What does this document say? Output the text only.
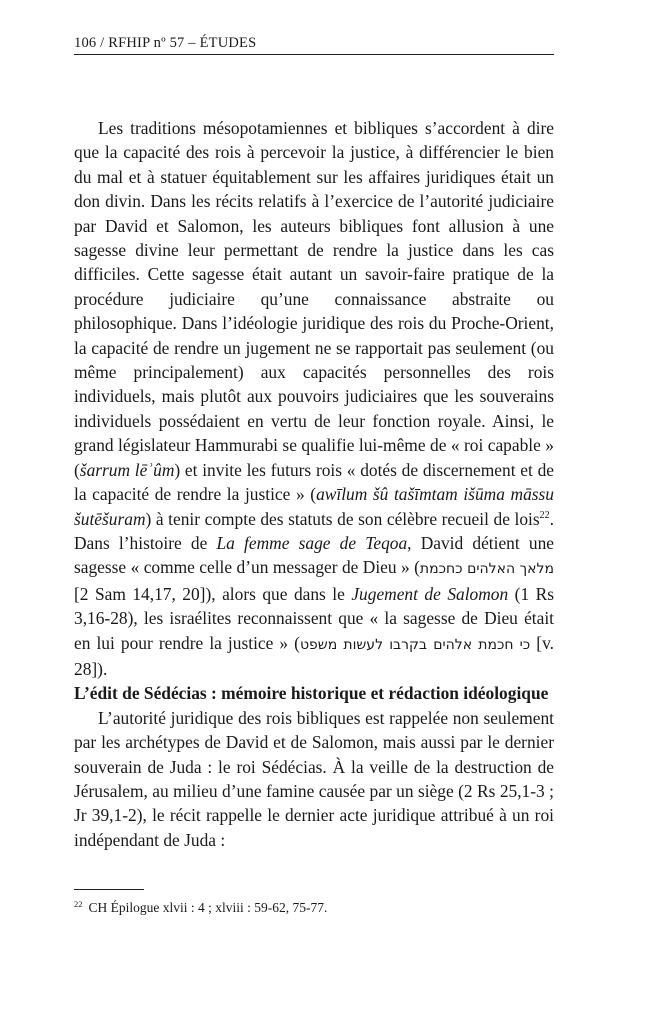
106 / RFHIP nº 57 – ÉTUDES

Les traditions mésopotamiennes et bibliques s’accordent à dire que la capacité des rois à percevoir la justice, à différencier le bien du mal et à statuer équitablement sur les affaires juridiques était un don divin. Dans les récits relatifs à l’exercice de l’autorité judiciaire par David et Salomon, les auteurs bibliques font allusion à une sagesse divine leur permettant de rendre la justice dans les cas difficiles. Cette sagesse était autant un savoir-faire pratique de la procédure judiciaire qu’une connaissance abstraite ou philosophique. Dans l’idéologie juridique des rois du Proche-Orient, la capacité de rendre un jugement ne se rapportait pas seulement (ou même principalement) aux capacités personnelles des rois individuels, mais plutôt aux pouvoirs judiciaires que les souverains individuels possédaient en vertu de leur fonction royale. Ainsi, le grand législateur Hammurabi se qualifie lui-même de « roi capable » (šarrum lēʾûm) et invite les futurs rois « dotés de discernement et de la capacité de rendre la justice » (awīlum šû tašīmtam išūma māssu šutēšuram) à tenir compte des statuts de son célèbre recueil de lois$^{22}$. Dans l’histoire de La femme sage de Teqoa, David détient une sagesse « comme celle d’un messager de Dieu » (מלאך האלהים כחכמת [2 Sam 14,17, 20]), alors que dans le Jugement de Salomon (1 Rs 3,16-28), les israélites reconnaissent que « la sagesse de Dieu était en lui pour rendre la justice » (כי חכמת אלהים בקרבו לעשות משפט [v. 28]).

L’édit de Sédécias : mémoire historique et rédaction idéologique

L’autorité juridique des rois bibliques est rappelée non seulement par les archétypes de David et de Salomon, mais aussi par le dernier souverain de Juda : le roi Sédécias. À la veille de la destruction de Jérusalem, au milieu d’une famine causée par un siège (2 Rs 25,1-3 ; Jr 39,1-2), le récit rappelle le dernier acte juridique attribué à un roi indépendant de Juda :

$^{22}$ CH Épilogue xlvii : 4 ; xlviii : 59-62, 75-77.
